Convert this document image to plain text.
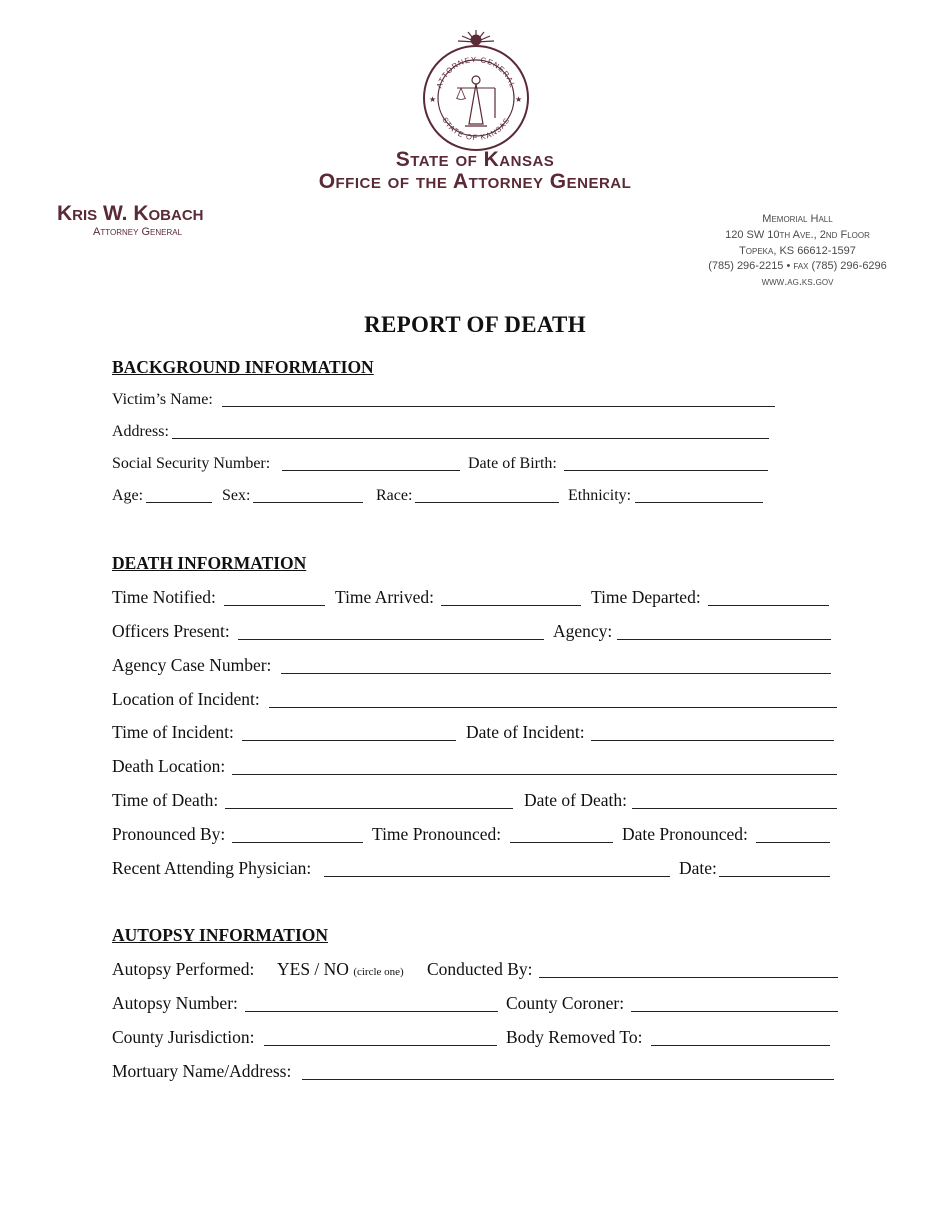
ATTORNEY GENERAL
STATE OF KANSAS
★	★
State of Kansas
Office of the Attorney General
Kris W. Kobach
Attorney General
Memorial Hall
120 SW 10th Ave., 2nd Floor
Topeka, KS 66612-1597
(785) 296-2215 • fax (785) 296-6296
www.ag.ks.gov
REPORT OF DEATH
BACKGROUND INFORMATION
Victim’s Name:
Address:
Social Security Number:	Date of Birth:
Age:	Sex:	Race:	Ethnicity:
DEATH INFORMATION
Time Notified:	Time Arrived:	Time Departed:
Officers Present:	Agency:
Agency Case Number:
Location of Incident:
Time of Incident:	Date of Incident:
Death Location:
Time of Death:	Date of Death:
Pronounced By:	Time Pronounced:	Date Pronounced:
Recent Attending Physician:	Date:
AUTOPSY INFORMATION
Autopsy Performed: YES / NO (circle one) Conducted By:
Autopsy Number:	County Coroner:
County Jurisdiction:	Body Removed To:
Mortuary Name/Address:
